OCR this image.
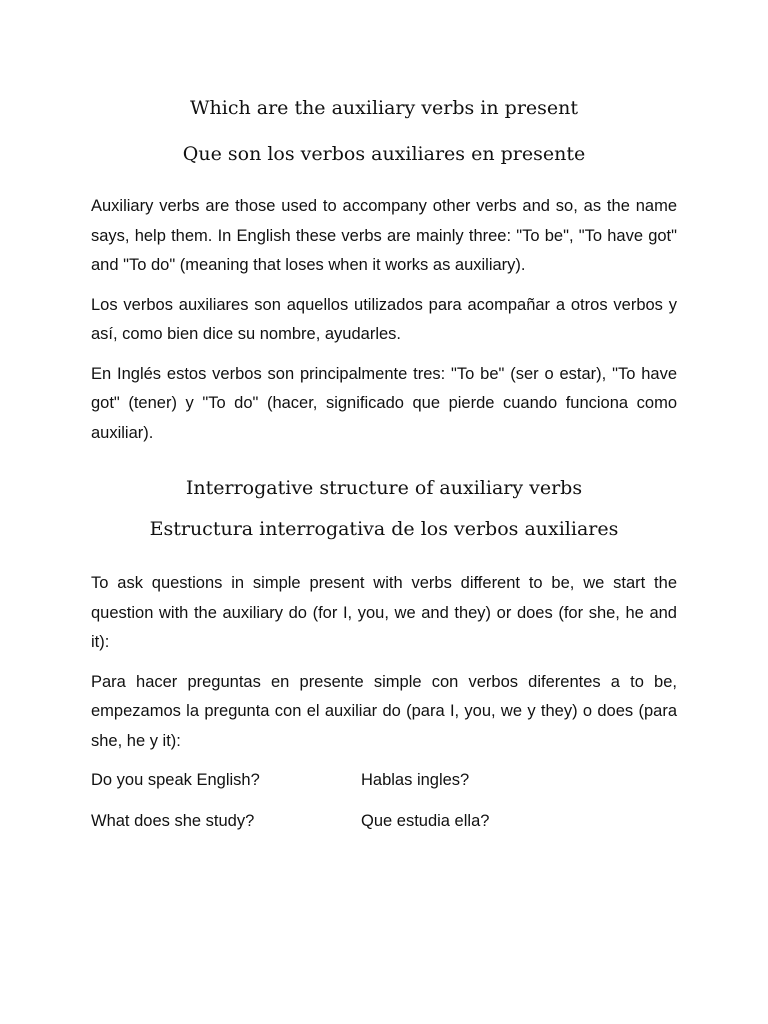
Which are the auxiliary verbs in present
Que son los verbos auxiliares en presente

Auxiliary verbs are those used to accompany other verbs and so, as the name says, help them. In English these verbs are mainly three: "To be", "To have got" and "To do" (meaning that loses when it works as auxiliary).

Los verbos auxiliares son aquellos utilizados para acompañar a otros verbos y así, como bien dice su nombre, ayudarles.

En Inglés estos verbos son principalmente tres: "To be" (ser o estar), "To have got" (tener) y "To do" (hacer, significado que pierde cuando funciona como auxiliar).

Interrogative structure of auxiliary verbs
Estructura interrogativa de los verbos auxiliares

To ask questions in simple present with verbs different to be, we start the question with the auxiliary do (for I, you, we and they) or does (for she, he and it):

Para hacer preguntas en presente simple con verbos diferentes a to be, empezamos la pregunta con el auxiliar do (para I, you, we y they) o does (para she, he y it):

Do you speak English?	Hablas ingles?
What does she study?	Que estudia ella?
